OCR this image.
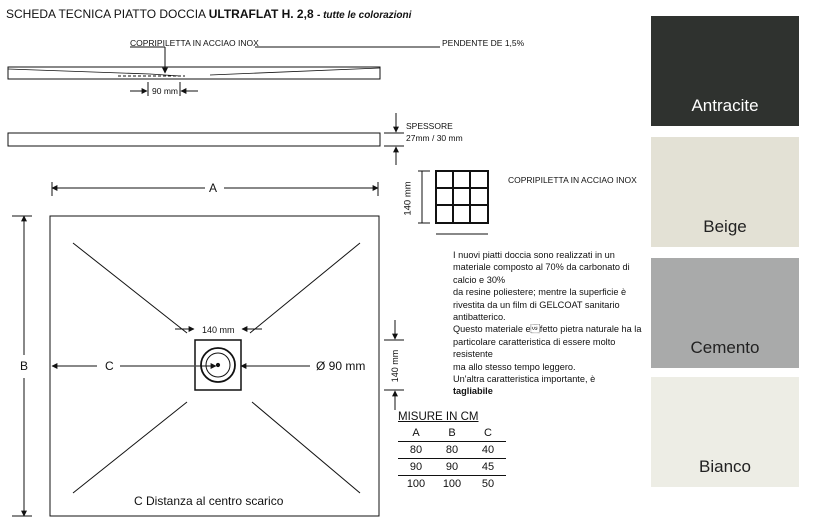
SCHEDA TECNICA PIATTO DOCCIA ULTRAFLAT H. 2,8 - tutte le colorazioni
COPRIPILETTA IN ACCIAO INOX	PENDENTE DE 1,5%
90 mm
SPESSORE
27mm / 30 mm
140 mm
COPRIPILETTA IN ACCIAO INOX
A
B	C
140 mm
Ø 90 mm	140 mm
C Distanza al centro scarico

I nuovi piatti doccia sono realizzati in un materiale composto al 70% da carbonato di calcio e 30%

da resine poliestere; mentre la superficie è rivestita da un film di GELCOAT sanitario antibatterico.

Questo materiale efetto pietra naturale ha la particolare caratteristica di essere molto resistente

ma allo stesso tempo leggero.

Un'altra caratteristica importante, è
tagliabile

MISURE IN CM
A	B	C
80	80	40
90	90	45
100	100	50
Antracite
Beige
Cemento
Bianco
